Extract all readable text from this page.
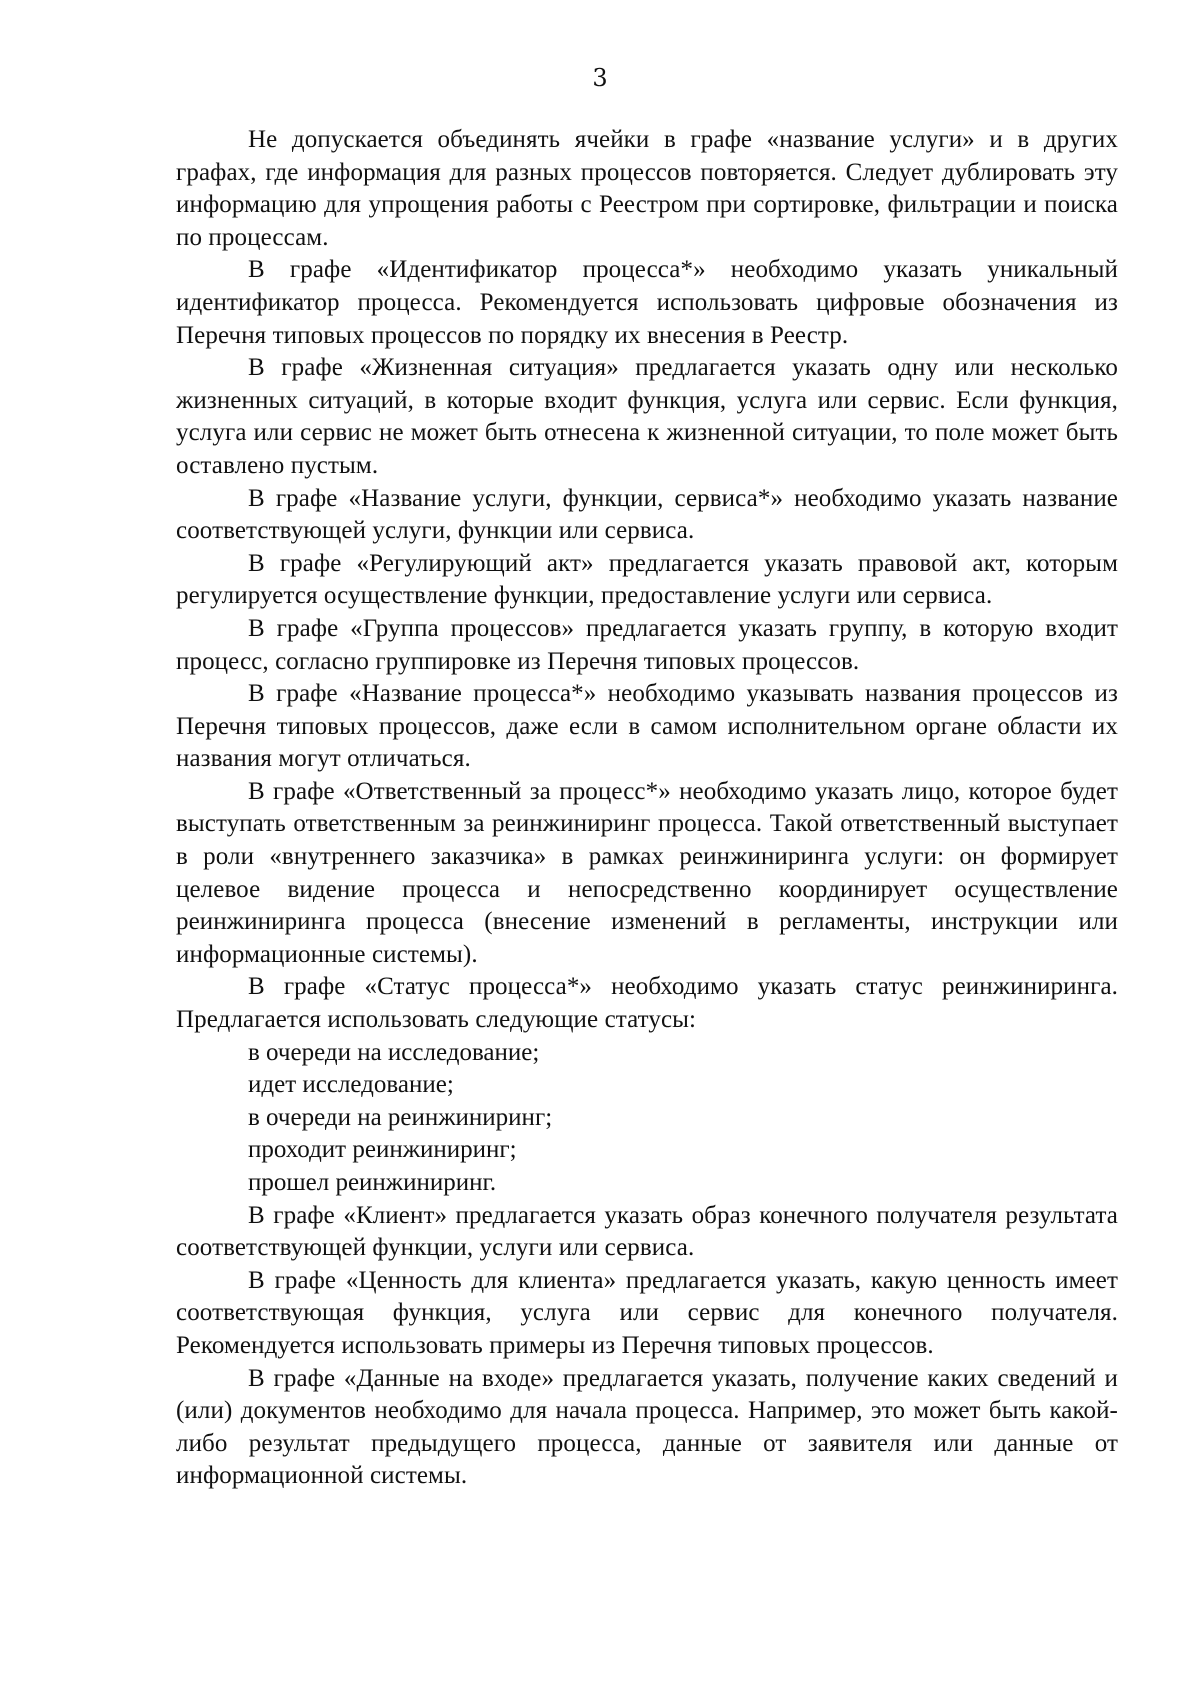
3

Не допускается объединять ячейки в графе «название услуги» и в других графах, где информация для разных процессов повторяется. Следует дублировать эту информацию для упрощения работы с Реестром при сортировке, фильтрации и поиска по процессам.

В графе «Идентификатор процесса*» необходимо указать уникальный идентификатор процесса. Рекомендуется использовать цифровые обозначения из Перечня типовых процессов по порядку их внесения в Реестр.

В графе «Жизненная ситуация» предлагается указать одну или несколько жизненных ситуаций, в которые входит функция, услуга или сервис. Если функция, услуга или сервис не может быть отнесена к жизненной ситуации, то поле может быть оставлено пустым.

В графе «Название услуги, функции, сервиса*» необходимо указать название соответствующей услуги, функции или сервиса.

В графе «Регулирующий акт» предлагается указать правовой акт, которым регулируется осуществление функции, предоставление услуги или сервиса.

В графе «Группа процессов» предлагается указать группу, в которую входит процесс, согласно группировке из Перечня типовых процессов.

В графе «Название процесса*» необходимо указывать названия процессов из Перечня типовых процессов, даже если в самом исполнительном органе области их названия могут отличаться.

В графе «Ответственный за процесс*» необходимо указать лицо, которое будет выступать ответственным за реинжиниринг процесса. Такой ответственный выступает в роли «внутреннего заказчика» в рамках реинжиниринга услуги: он формирует целевое видение процесса и непосредственно координирует осуществление реинжиниринга процесса (внесение изменений в регламенты, инструкции или информационные системы).

В графе «Статус процесса*» необходимо указать статус реинжиниринга. Предлагается использовать следующие статусы:

в очереди на исследование;

идет исследование;

в очереди на реинжиниринг;

проходит реинжиниринг;

прошел реинжиниринг.

В графе «Клиент» предлагается указать образ конечного получателя результата соответствующей функции, услуги или сервиса.

В графе «Ценность для клиента» предлагается указать, какую ценность имеет соответствующая функция, услуга или сервис для конечного получателя. Рекомендуется использовать примеры из Перечня типовых процессов.

В графе «Данные на входе» предлагается указать, получение каких сведений и (или) документов необходимо для начала процесса. Например, это может быть какой-либо результат предыдущего процесса, данные от заявителя или данные от информационной системы.
